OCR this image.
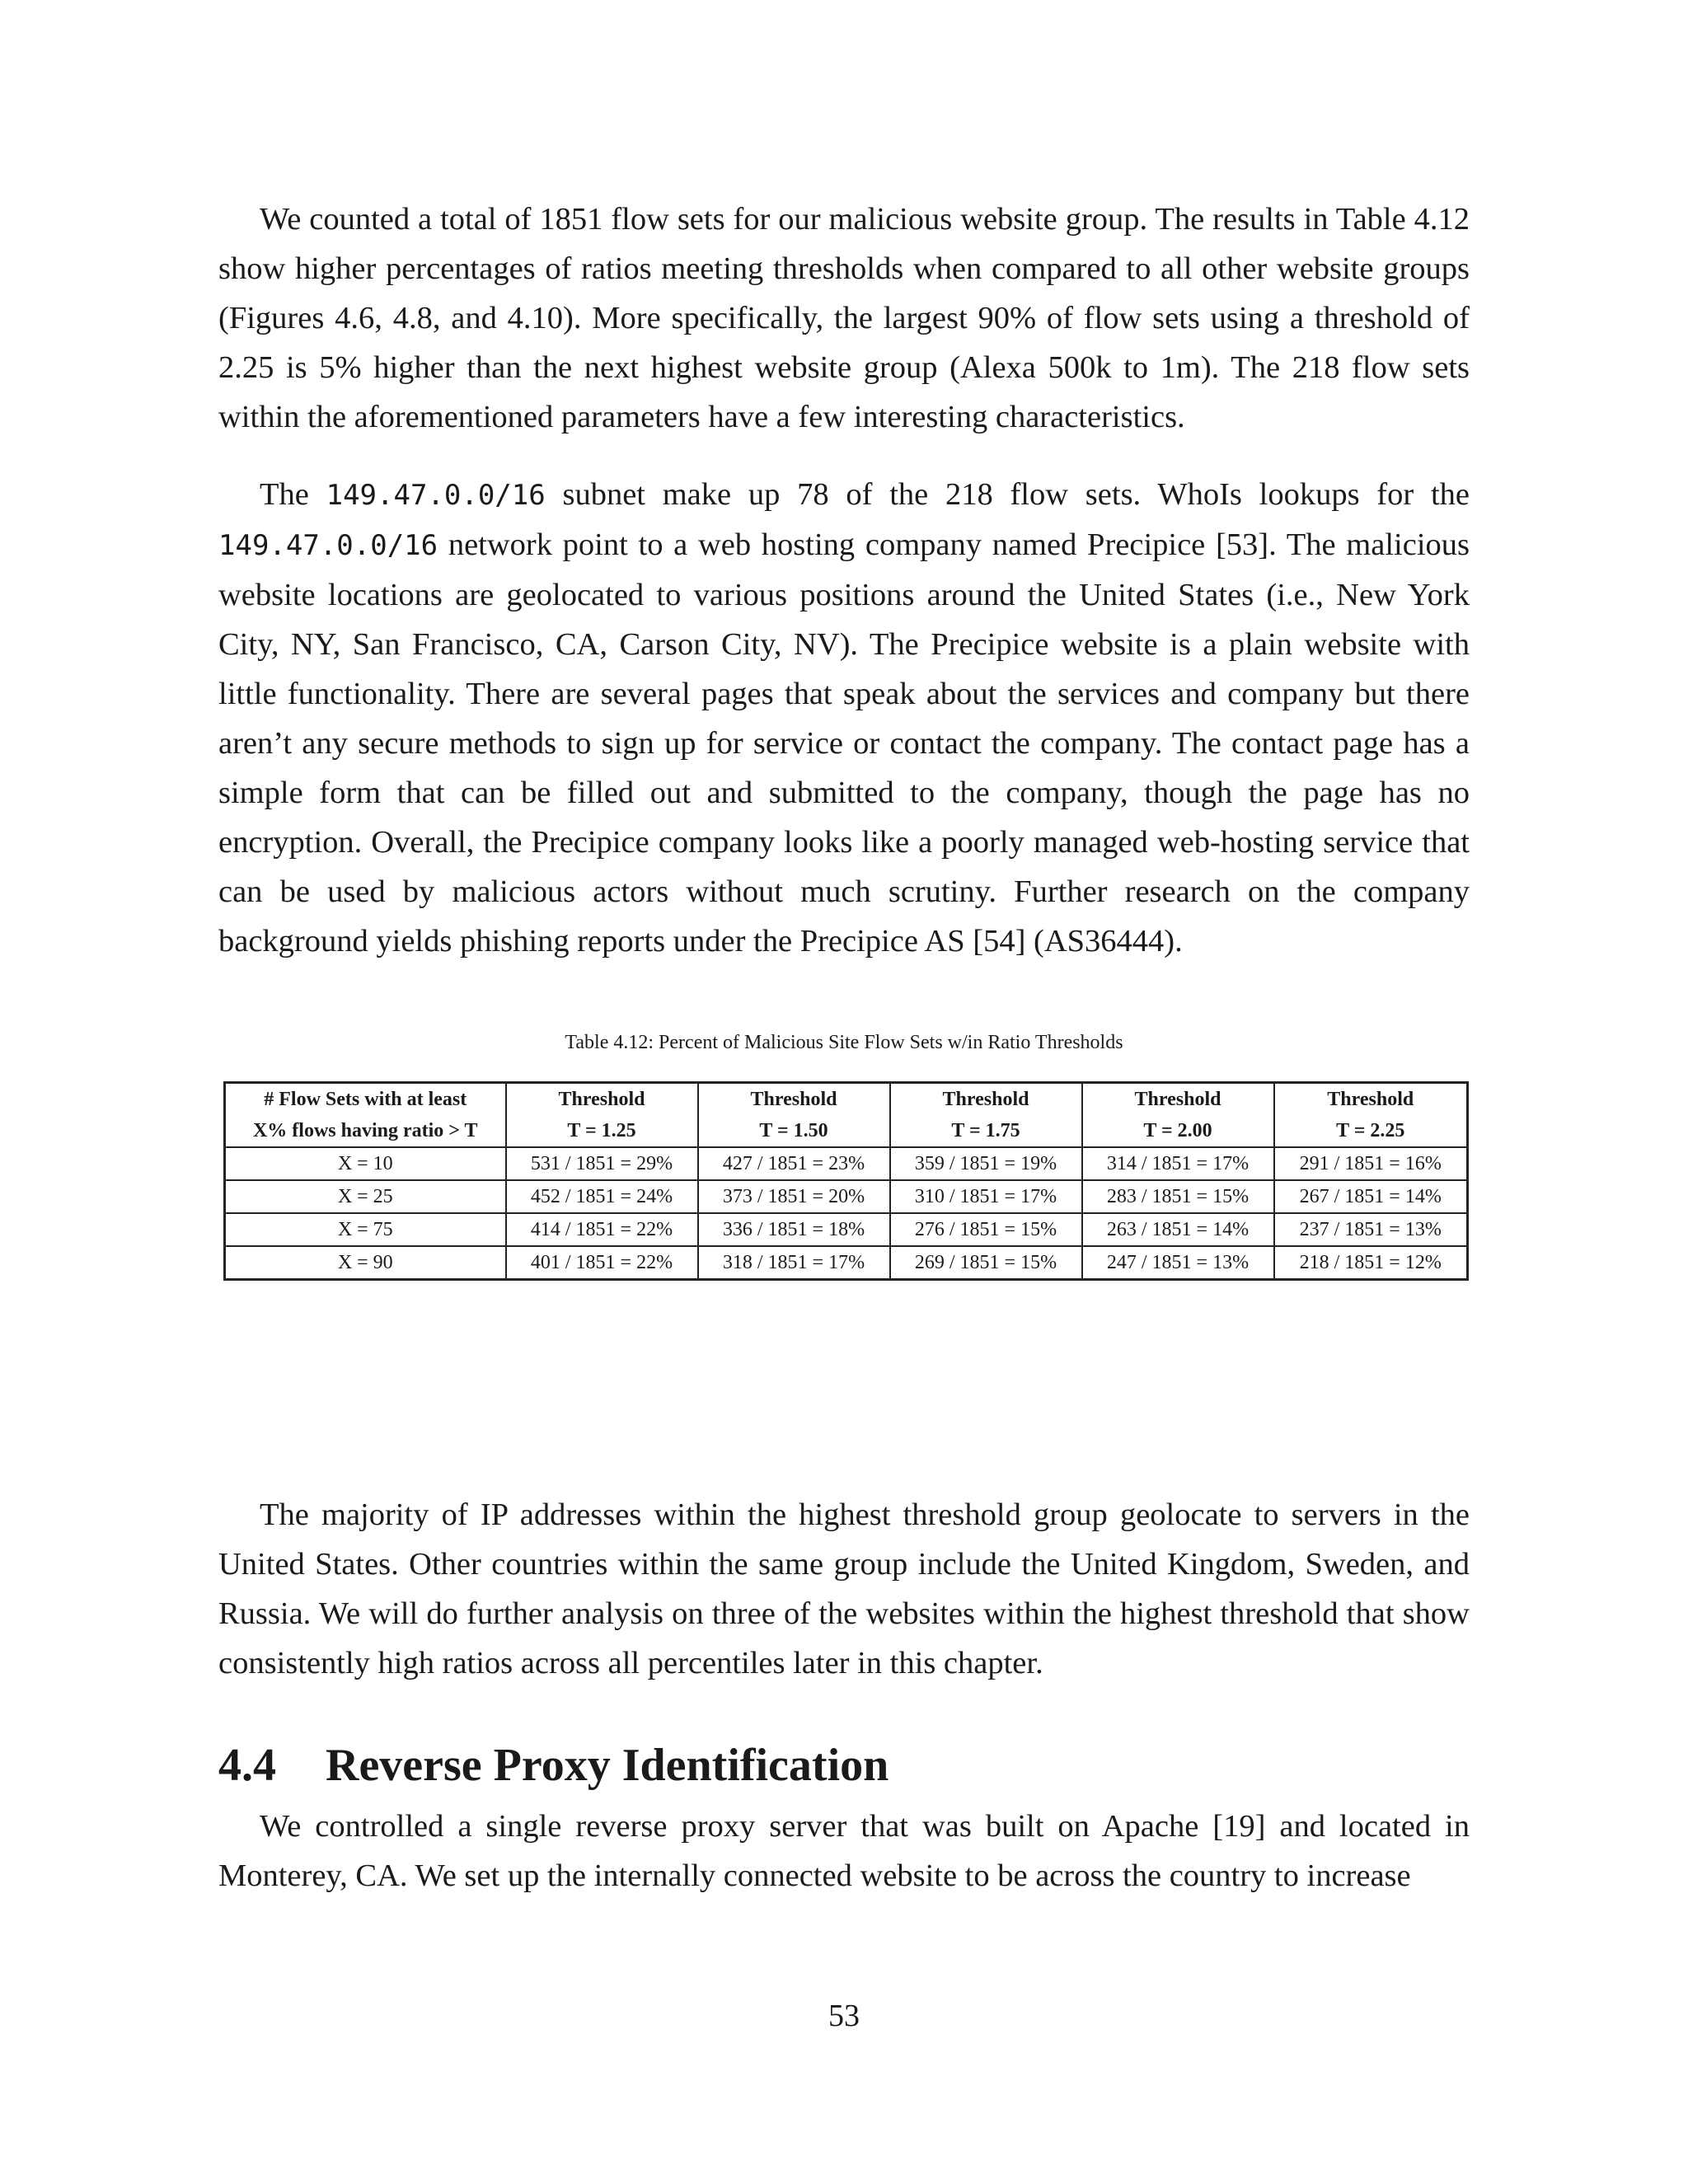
We counted a total of 1851 flow sets for our malicious website group. The results in Table 4.12 show higher percentages of ratios meeting thresholds when compared to all other website groups (Figures 4.6, 4.8, and 4.10). More specifically, the largest 90% of flow sets using a threshold of 2.25 is 5% higher than the next highest website group (Alexa 500k to 1m). The 218 flow sets within the aforementioned parameters have a few interesting characteristics.

The 149.47.0.0/16 subnet make up 78 of the 218 flow sets. WhoIs lookups for the 149.47.0.0/16 network point to a web hosting company named Precipice [53]. The malicious website locations are geolocated to various positions around the United States (i.e., New York City, NY, San Francisco, CA, Carson City, NV). The Precipice website is a plain website with little functionality. There are several pages that speak about the services and company but there aren’t any secure methods to sign up for service or contact the company. The contact page has a simple form that can be filled out and submitted to the company, though the page has no encryption. Overall, the Precipice company looks like a poorly managed web-hosting service that can be used by malicious actors without much scrutiny. Further research on the company background yields phishing reports under the Precipice AS [54] (AS36444).

Table 4.12: Percent of Malicious Site Flow Sets w/in Ratio Thresholds

# Flow Sets with at least	Threshold	Threshold	Threshold	Threshold	Threshold
X% flows having ratio > T	T = 1.25	T = 1.50	T = 1.75	T = 2.00	T = 2.25
X = 10	531 / 1851 = 29%	427 / 1851 = 23%	359 / 1851 = 19%	314 / 1851 = 17%	291 / 1851 = 16%
X = 25	452 / 1851 = 24%	373 / 1851 = 20%	310 / 1851 = 17%	283 / 1851 = 15%	267 / 1851 = 14%
X = 75	414 / 1851 = 22%	336 / 1851 = 18%	276 / 1851 = 15%	263 / 1851 = 14%	237 / 1851 = 13%
X = 90	401 / 1851 = 22%	318 / 1851 = 17%	269 / 1851 = 15%	247 / 1851 = 13%	218 / 1851 = 12%

The majority of IP addresses within the highest threshold group geolocate to servers in the United States. Other countries within the same group include the United Kingdom, Sweden, and Russia. We will do further analysis on three of the websites within the highest threshold that show consistently high ratios across all percentiles later in this chapter.

4.4 Reverse Proxy Identification

We controlled a single reverse proxy server that was built on Apache [19] and located in Monterey, CA. We set up the internally connected website to be across the country to increase

53
